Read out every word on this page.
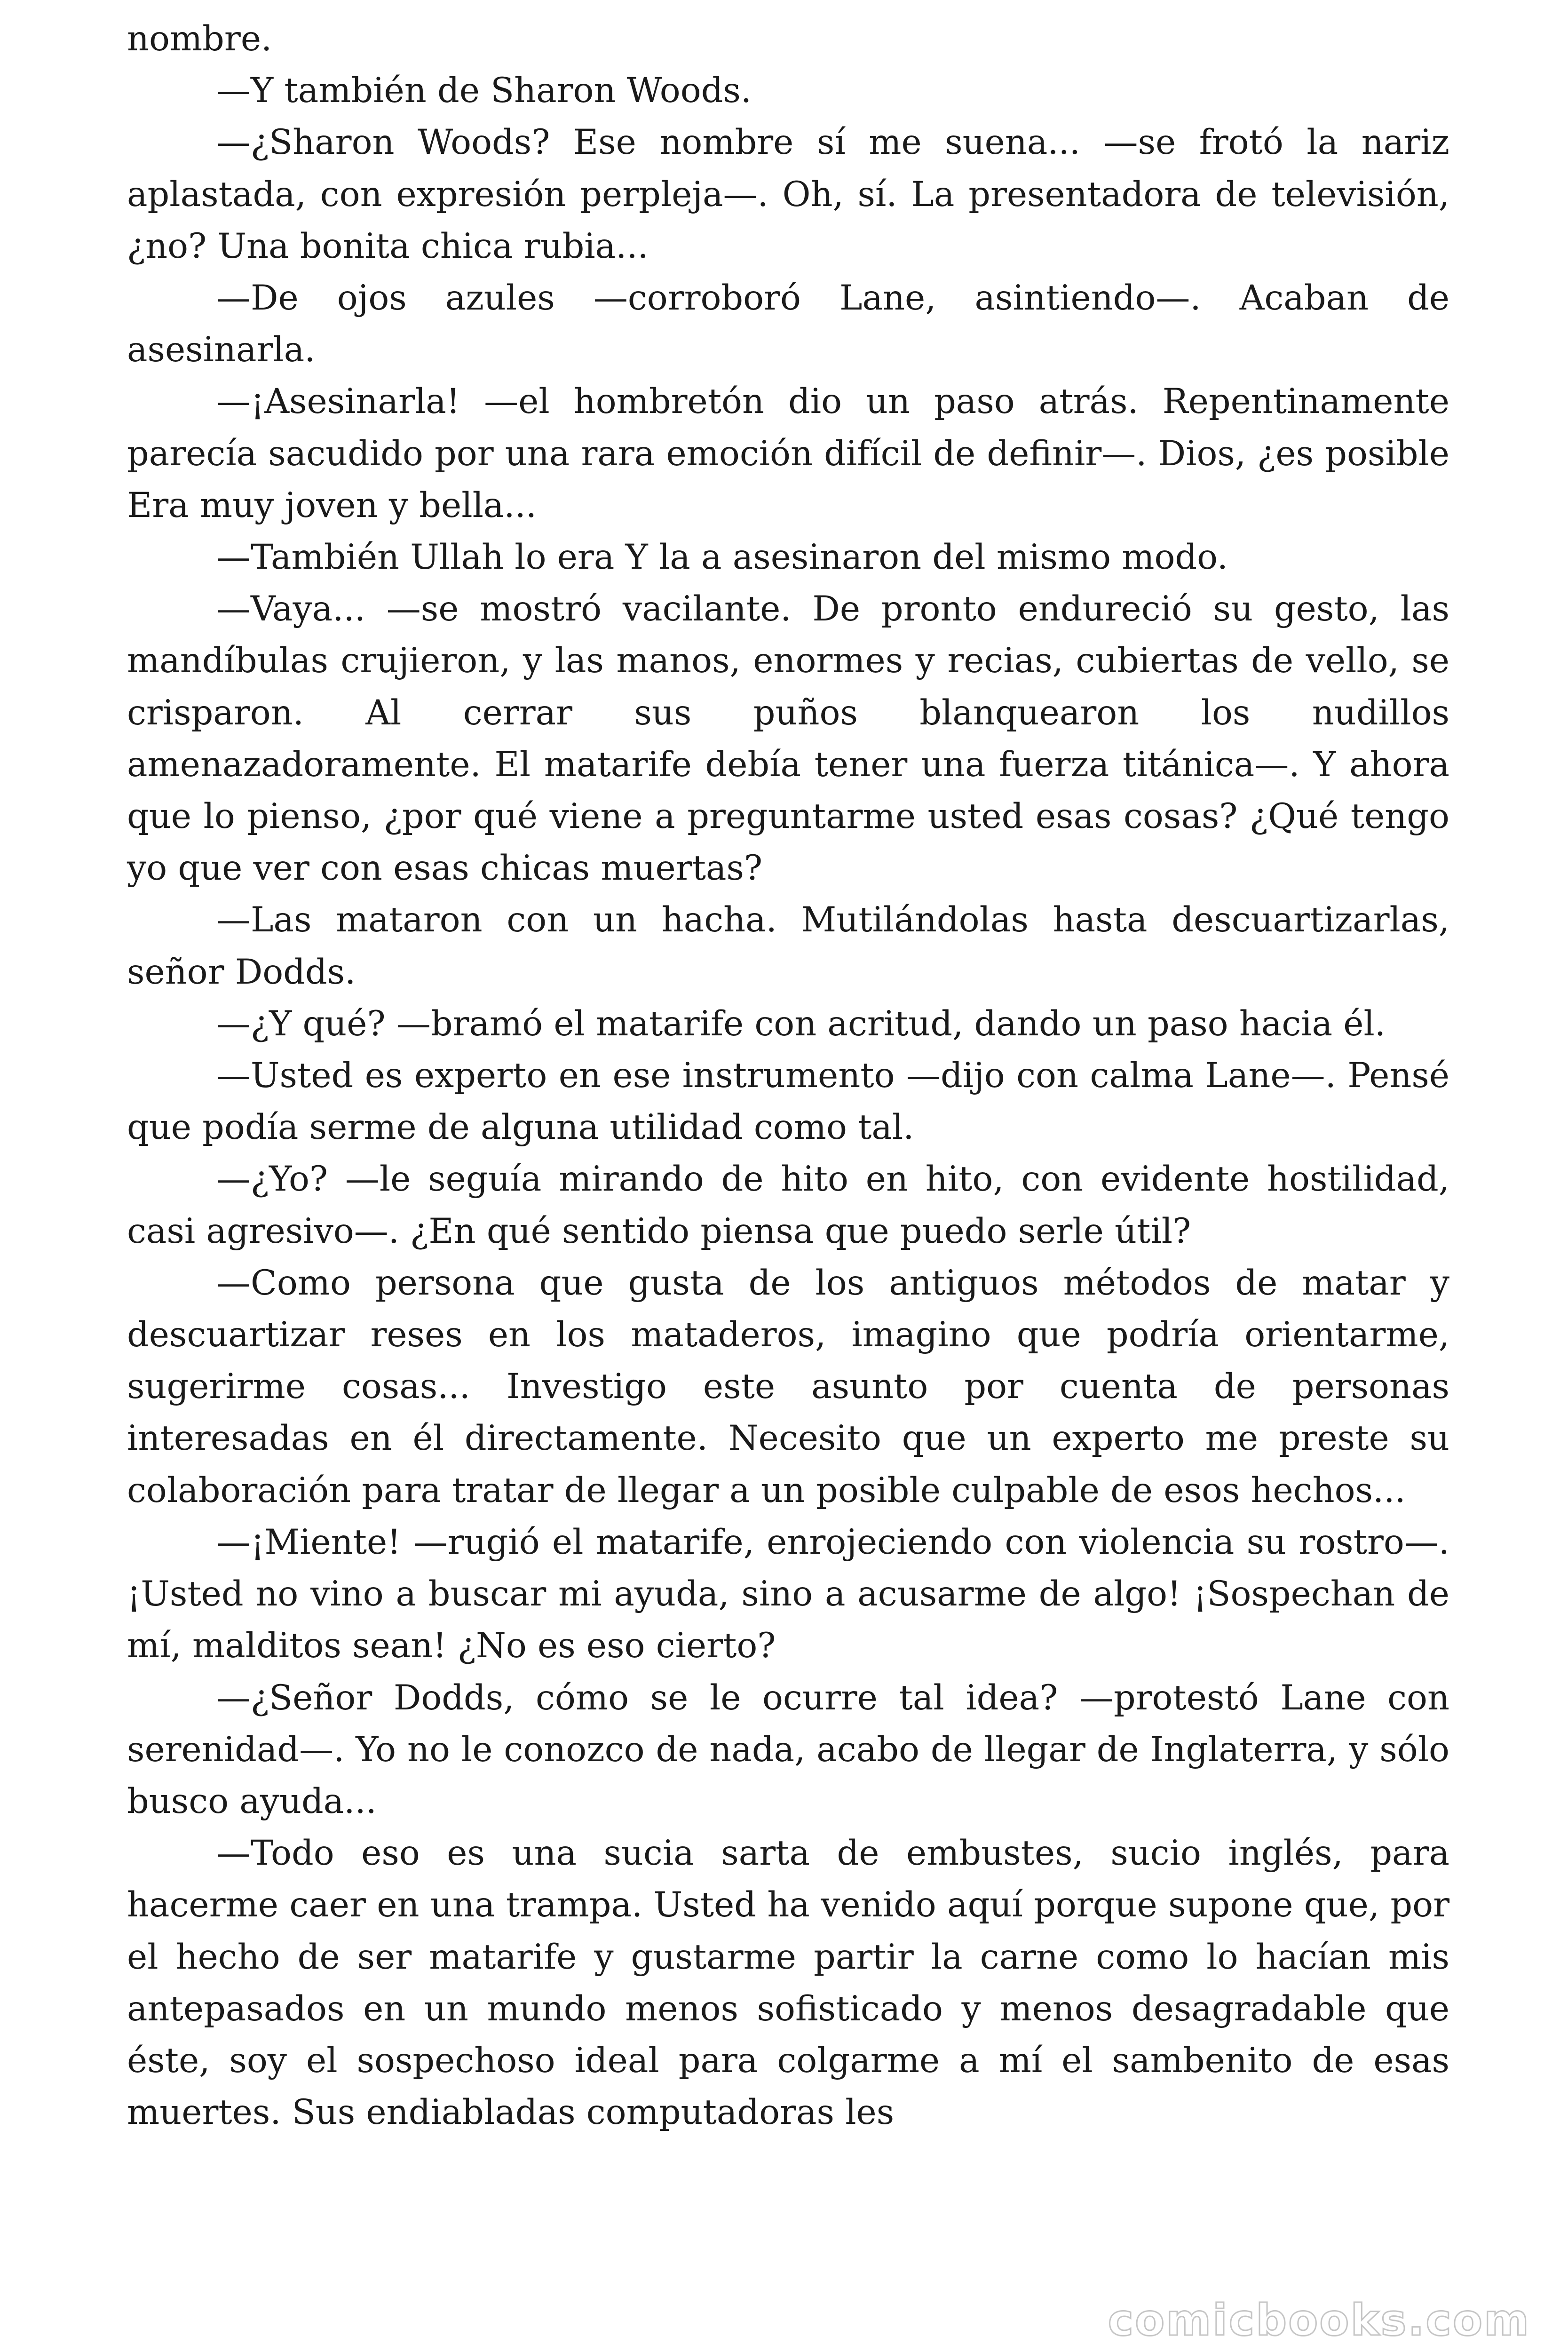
nombre.

—Y también de Sharon Woods.

—¿Sharon Woods? Ese nombre sí me suena... —se frotó la nariz aplastada, con expresión perpleja—. Oh, sí. La presentadora de televisión, ¿no? Una bonita chica rubia...

—De ojos azules —corroboró Lane, asintiendo—. Acaban de asesinarla.

—¡Asesinarla! —el hombretón dio un paso atrás. Repentinamente parecía sacudido por una rara emoción difícil de definir—. Dios, ¿es posible Era muy joven y bella...

—También Ullah lo era Y la a asesinaron del mismo modo.

—Vaya... —se mostró vacilante. De pronto endureció su gesto, las mandíbulas crujieron, y las manos, enormes y recias, cubiertas de vello, se crisparon. Al cerrar sus puños blanquearon los nudillos amenazadoramente. El matarife debía tener una fuerza titánica—. Y ahora que lo pienso, ¿por qué viene a preguntarme usted esas cosas? ¿Qué tengo yo que ver con esas chicas muertas?

—Las mataron con un hacha. Mutilándolas hasta descuartizarlas, señor Dodds.

—¿Y qué? —bramó el matarife con acritud, dando un paso hacia él.

—Usted es experto en ese instrumento —dijo con calma Lane—. Pensé que podía serme de alguna utilidad como tal.

—¿Yo? —le seguía mirando de hito en hito, con evidente hostilidad, casi agresivo—. ¿En qué sentido piensa que puedo serle útil?

—Como persona que gusta de los antiguos métodos de matar y descuartizar reses en los mataderos, imagino que podría orientarme, sugerirme cosas... Investigo este asunto por cuenta de personas interesadas en él directamente. Necesito que un experto me preste su colaboración para tratar de llegar a un posible culpable de esos hechos...

—¡Miente! —rugió el matarife, enrojeciendo con violencia su rostro—. ¡Usted no vino a buscar mi ayuda, sino a acusarme de algo! ¡Sospechan de mí, malditos sean! ¿No es eso cierto?

—¿Señor Dodds, cómo se le ocurre tal idea? —protestó Lane con serenidad—. Yo no le conozco de nada, acabo de llegar de Inglaterra, y sólo busco ayuda...

—Todo eso es una sucia sarta de embustes, sucio inglés, para hacerme caer en una trampa. Usted ha venido aquí porque supone que, por el hecho de ser matarife y gustarme partir la carne como lo hacían mis antepasados en un mundo menos sofisticado y menos desagradable que éste, soy el sospechoso ideal para colgarme a mí el sambenito de esas muertes. Sus endiabladas computadoras les

comicbooks.com
